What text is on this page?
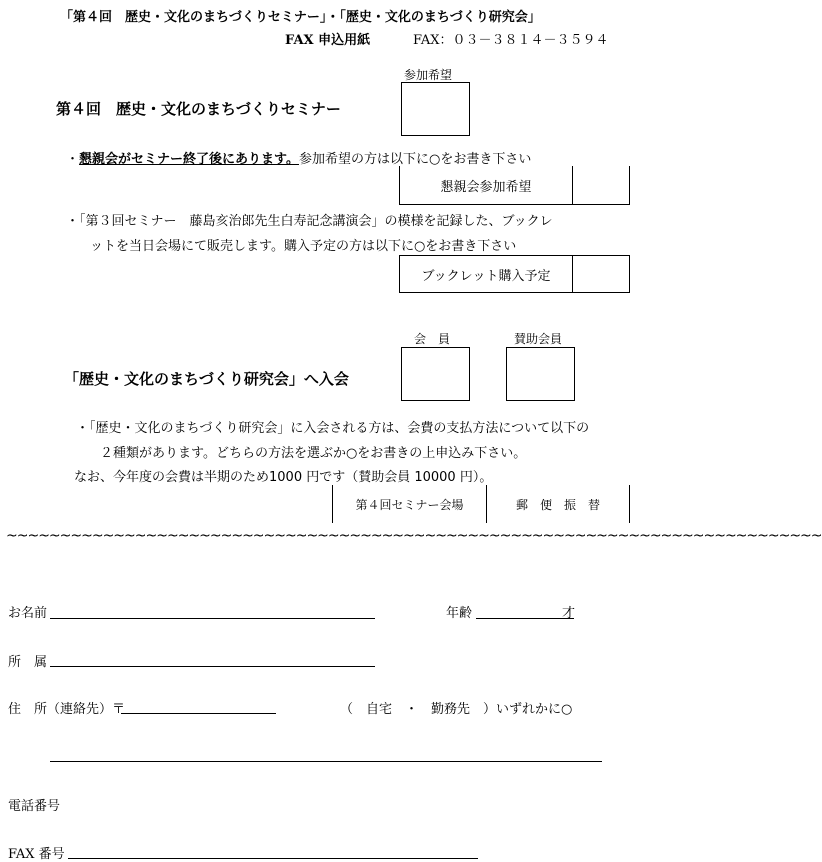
「第４回　歴史・文化のまちづくりセミナー」・「歴史・文化のまちづくり研究会」
FAX 申込用紙	FAX：０３－３８１４－３５９４
参加希望
第４回　歴史・文化のまちづくりセミナー
・懇親会がセミナー終了後にあります。参加希望の方は以下に○をお書き下さい
懇親会参加希望
・「第３回セミナー　藤島亥治郎先生白寿記念講演会」の模様を記録した、ブックレ
ットを当日会場にて販売します。購入予定の方は以下に○をお書き下さい
ブックレット購入予定
会　員	賛助会員
「歴史・文化のまちづくり研究会」へ入会
・「歴史・文化のまちづくり研究会」に入会される方は、会費の支払方法について以下の
２種類があります。どちらの方法を選ぶか○をお書きの上申込み下さい。
なお、今年度の会費は半期のため1000 円です（賛助会員 10000 円）。
第４回セミナー会場	郵　便　振　替
~~~~~~~~~~~~~~~~~~~~~~~~~~~~~~~~~~~~~~~~~~~~~~~~~~~~~~~~~~~~~~~~~~~~~~~~~~~~
お名前	年齢	才
所　属
住　所（連絡先）〒	（　自宅　・　勤務先　）いずれかに○
電話番号
FAX 番号
